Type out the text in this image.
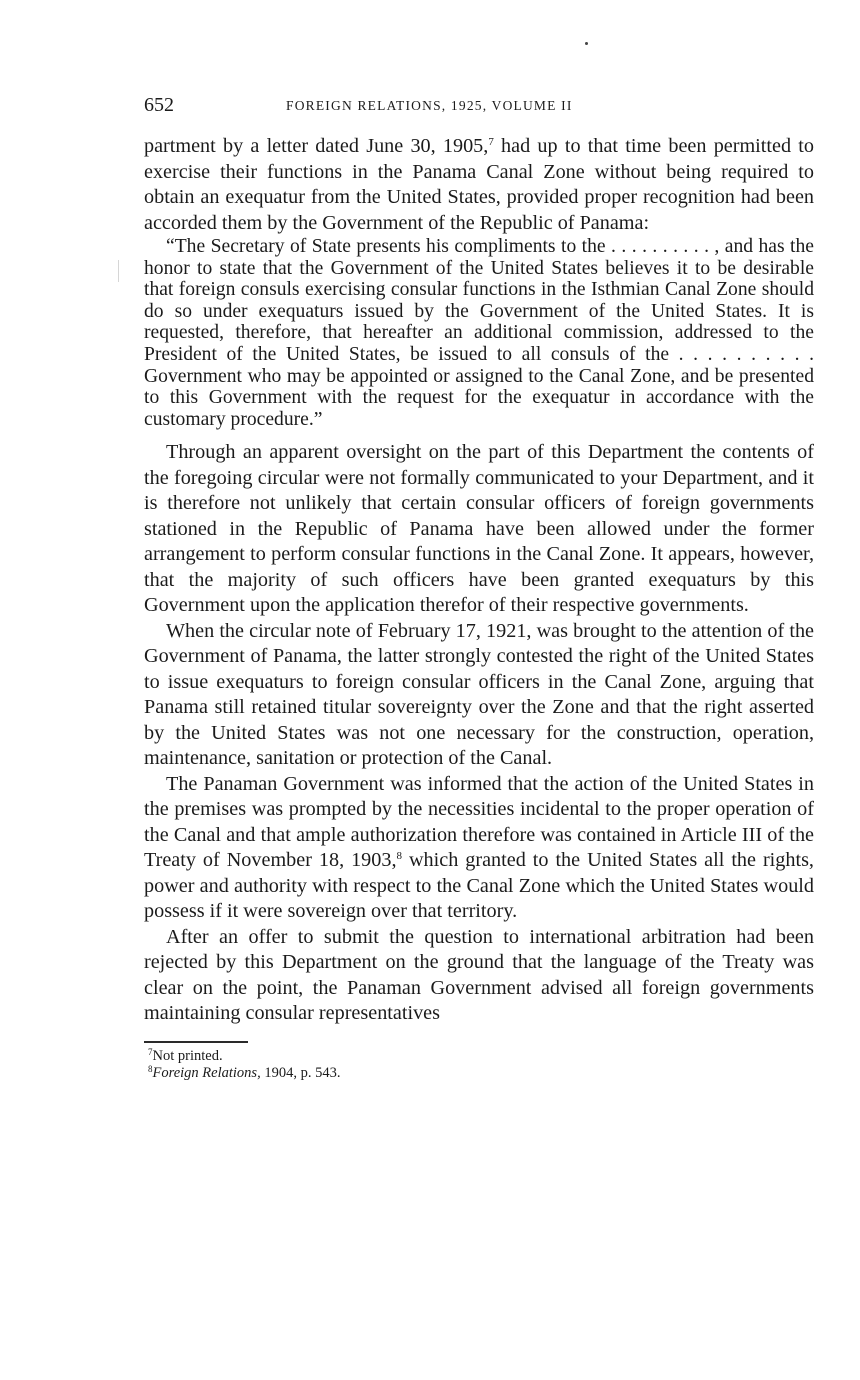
652	FOREIGN RELATIONS, 1925, VOLUME II

partment by a letter dated June 30, 1905,$^7$ had up to that time been permitted to exercise their functions in the Panama Canal Zone without being required to obtain an exequatur from the United States, provided proper recognition had been accorded them by the Government of the Republic of Panama:

“The Secretary of State presents his compliments to the . . . . . . . . . . , and has the honor to state that the Government of the United States believes it to be desirable that foreign consuls exercising consular functions in the Isthmian Canal Zone should do so under exequaturs issued by the Government of the United States. It is requested, therefore, that hereafter an additional commission, addressed to the President of the United States, be issued to all consuls of the . . . . . . . . . . Government who may be appointed or assigned to the Canal Zone, and be presented to this Government with the request for the exequatur in accordance with the customary procedure.”

Through an apparent oversight on the part of this Department the contents of the foregoing circular were not formally communicated to your Department, and it is therefore not unlikely that certain consular officers of foreign governments stationed in the Republic of Panama have been allowed under the former arrangement to perform consular functions in the Canal Zone. It appears, however, that the majority of such officers have been granted exequaturs by this Government upon the application therefor of their respective governments.

When the circular note of February 17, 1921, was brought to the attention of the Government of Panama, the latter strongly contested the right of the United States to issue exequaturs to foreign consular officers in the Canal Zone, arguing that Panama still retained titular sovereignty over the Zone and that the right asserted by the United States was not one necessary for the construction, operation, maintenance, sanitation or protection of the Canal.

The Panaman Government was informed that the action of the United States in the premises was prompted by the necessities incidental to the proper operation of the Canal and that ample authorization therefore was contained in Article III of the Treaty of November 18, 1903,$^8$ which granted to the United States all the rights, power and authority with respect to the Canal Zone which the United States would possess if it were sovereign over that territory.

After an offer to submit the question to international arbitration had been rejected by this Department on the ground that the language of the Treaty was clear on the point, the Panaman Government advised all foreign governments maintaining consular representatives

$^7$Not printed.
$^8$Foreign Relations, 1904, p. 543.
